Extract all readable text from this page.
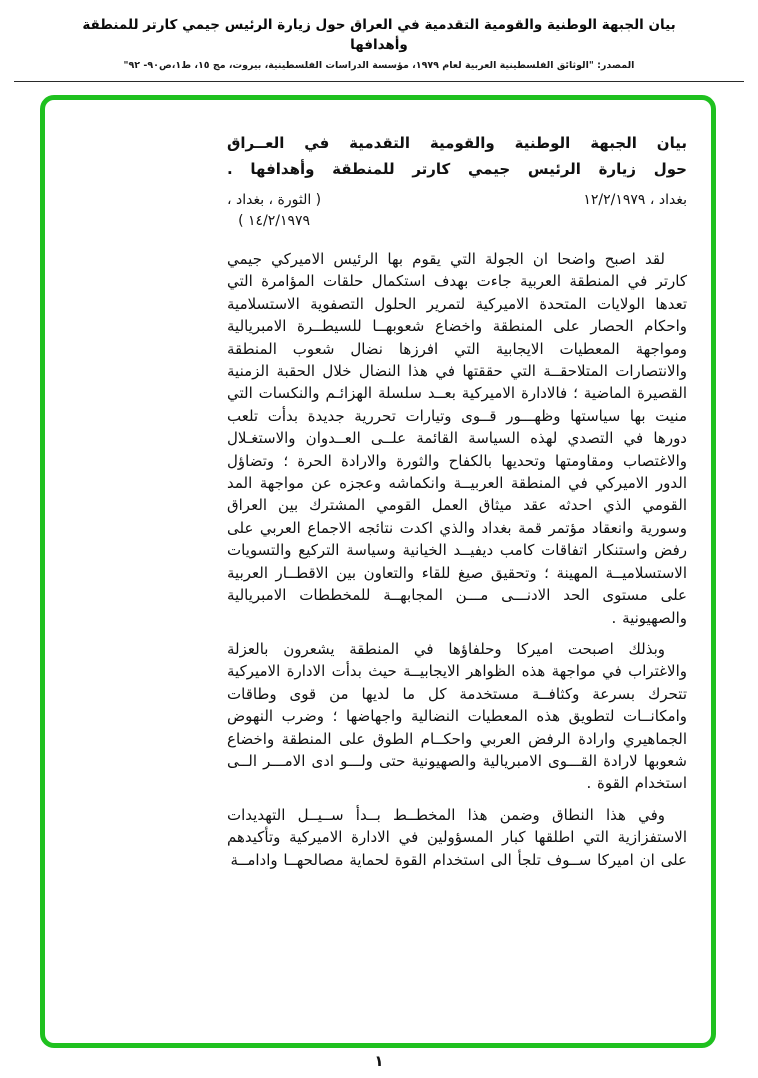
بيان الجبهة الوطنية والقومية التقدمية في العراق حول زيارة الرئيس جيمي كارتر للمنطقة وأهدافها
المصدر: "الوثائق الفلسطينية العربية لعام ١٩٧٩، مؤسسة الدراسات الفلسطينية، بيروت، مج ١٥، ط١،ص٩٠- ٩٢"
بيان الجبهة الوطنية والقومية التقدمية في العــراق
حول زيارة الرئيس جيمي كارتر للمنطقة وأهدافها .
بغداد ، ١٢/٢/١٩٧٩
( الثورة ، بغداد ،
١٤/٢/١٩٧٩ )

لقد اصبح واضحا ان الجولة التي يقوم بها الرئيس الاميركي جيمي كارتر في المنطقة العربية جاءت بهدف استكمال حلقات المؤامرة التي تعدها الولايات المتحدة الاميركية لتمرير الحلول التصفوية الاستسلامية واحكام الحصار على المنطقة واخضاع شعوبهــا للسيطــرة الامبريالية ومواجهة المعطيات الايجابية التي افرزها نضال شعوب المنطقة والانتصارات المتلاحقــة التي حققتها في هذا النضال خلال الحقبة الزمنية القصيرة الماضية ؛ فالادارة الاميركية بعــد سلسلة الهزائـم والنكسات التي منيت بها سياستها وظهـــور قــوى وتيارات تحررية جديدة بدأت تلعب دورها في التصدي لهذه السياسة القائمة علــى العــدوان والاستغـلال والاغتصاب ومقاومتها وتحديها بالكفاح والثورة والارادة الحرة ؛ وتضاؤل الدور الاميركي في المنطقة العربيــة وانكماشه وعجزه عن مواجهة المد القومي الذي احدثه عقد ميثاق العمل القومي المشترك بين العراق وسورية وانعقاد مؤتمر قمة بغداد والذي اكدت نتائجه الاجماع العربي على رفض واستنكار اتفاقات كامب ديفيــد الخيانية وسياسة التركيع والتسويات الاستسلاميــة المهينة ؛ وتحقيق صيغ للقاء والتعاون بين الاقطــار العربية على مستوى الحد الادنـــى مـــن المجابهــة للمخططات الامبريالية والصهيونية .

وبذلك اصبحت اميركا وحلفاؤها في المنطقة يشعرون بالعزلة والاغتراب في مواجهة هذه الظواهر الايجابيــة حيث بدأت الادارة الاميركية تتحرك بسرعة وكثافــة مستخدمة كل ما لديها من قوى وطاقات وامكانــات لتطويق هذه المعطيات النضالية واجهاضها ؛ وضرب النهوض الجماهيري وارادة الرفض العربي واحكــام الطوق على المنطقة واخضاع شعوبها لارادة القـــوى الامبريالية والصهيونية حتى ولـــو ادى الامـــر الــى استخدام القوة .

وفي هذا النطاق وضمن هذا المخطــط بــدأ ســيــل التهديدات الاستفزازية التي اطلقها كبار المسؤولين في الادارة الاميركية وتأكيدهم على ان اميركا ســوف تلجأ الى استخدام القوة لحماية مصالحهــا وادامــة

١
